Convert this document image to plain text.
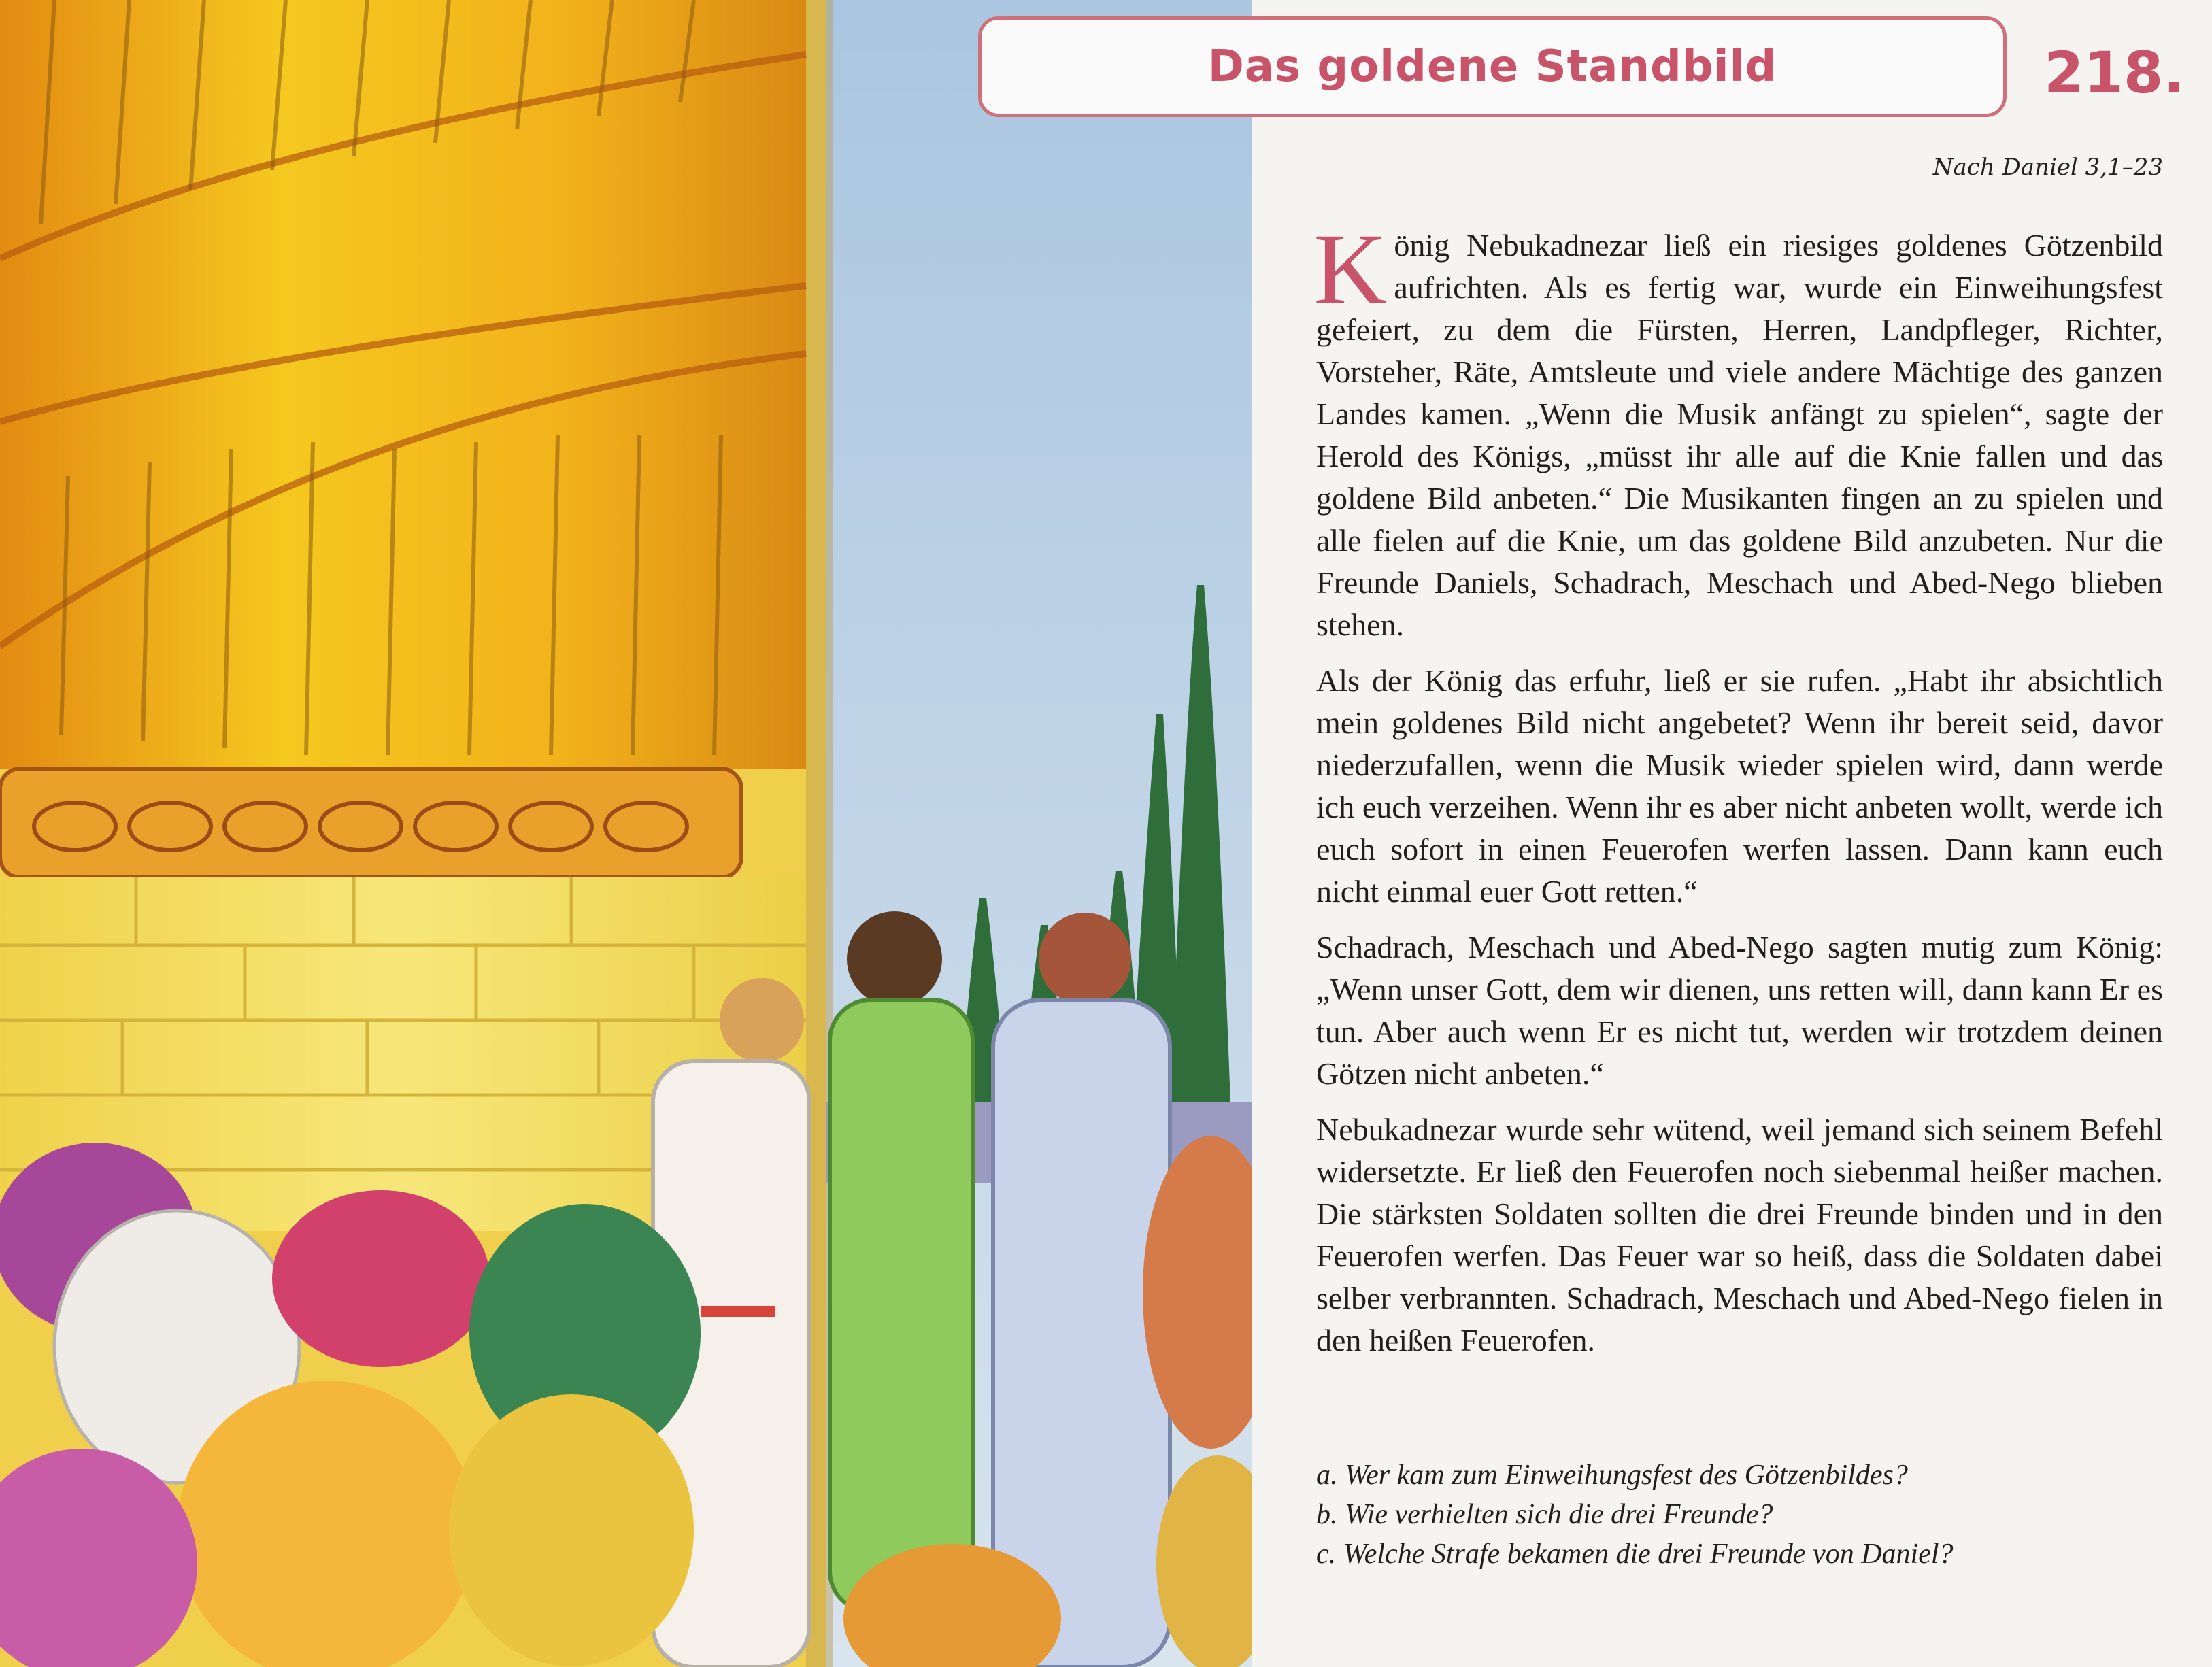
Das goldene Standbild	218.
Nach Daniel 3,1–23

König Nebukadnezar ließ ein riesiges goldenes Götzenbild aufrichten. Als es fertig war, wurde ein Einweihungsfest gefeiert, zu dem die Fürsten, Herren, Landpfleger, Richter, Vorsteher, Räte, Amtsleute und viele andere Mächtige des ganzen Landes kamen. „Wenn die Musik anfängt zu spielen“, sagte der Herold des Königs, „müsst ihr alle auf die Knie fallen und das goldene Bild anbeten.“ Die Musikanten fingen an zu spielen und alle fielen auf die Knie, um das goldene Bild anzubeten. Nur die Freunde Daniels, Schadrach, Meschach und Abed-Nego blieben stehen.

Als der König das erfuhr, ließ er sie rufen. „Habt ihr absichtlich mein goldenes Bild nicht angebetet? Wenn ihr bereit seid, davor niederzufallen, wenn die Musik wieder spielen wird, dann werde ich euch verzeihen. Wenn ihr es aber nicht anbeten wollt, werde ich euch sofort in einen Feuerofen werfen lassen. Dann kann euch nicht einmal euer Gott retten.“

Schadrach, Meschach und Abed-Nego sagten mutig zum König: „Wenn unser Gott, dem wir dienen, uns retten will, dann kann Er es tun. Aber auch wenn Er es nicht tut, werden wir trotzdem deinen Götzen nicht anbeten.“

Nebukadnezar wurde sehr wütend, weil jemand sich seinem Befehl widersetzte. Er ließ den Feuerofen noch siebenmal heißer machen. Die stärksten Soldaten sollten die drei Freunde binden und in den Feuerofen werfen. Das Feuer war so heiß, dass die Soldaten dabei selber verbrannten. Schadrach, Meschach und Abed-Nego fielen in den heißen Feuerofen.

a. Wer kam zum Einweihungsfest des Götzenbildes?
b. Wie verhielten sich die drei Freunde?
c. Welche Strafe bekamen die drei Freunde von Daniel?
